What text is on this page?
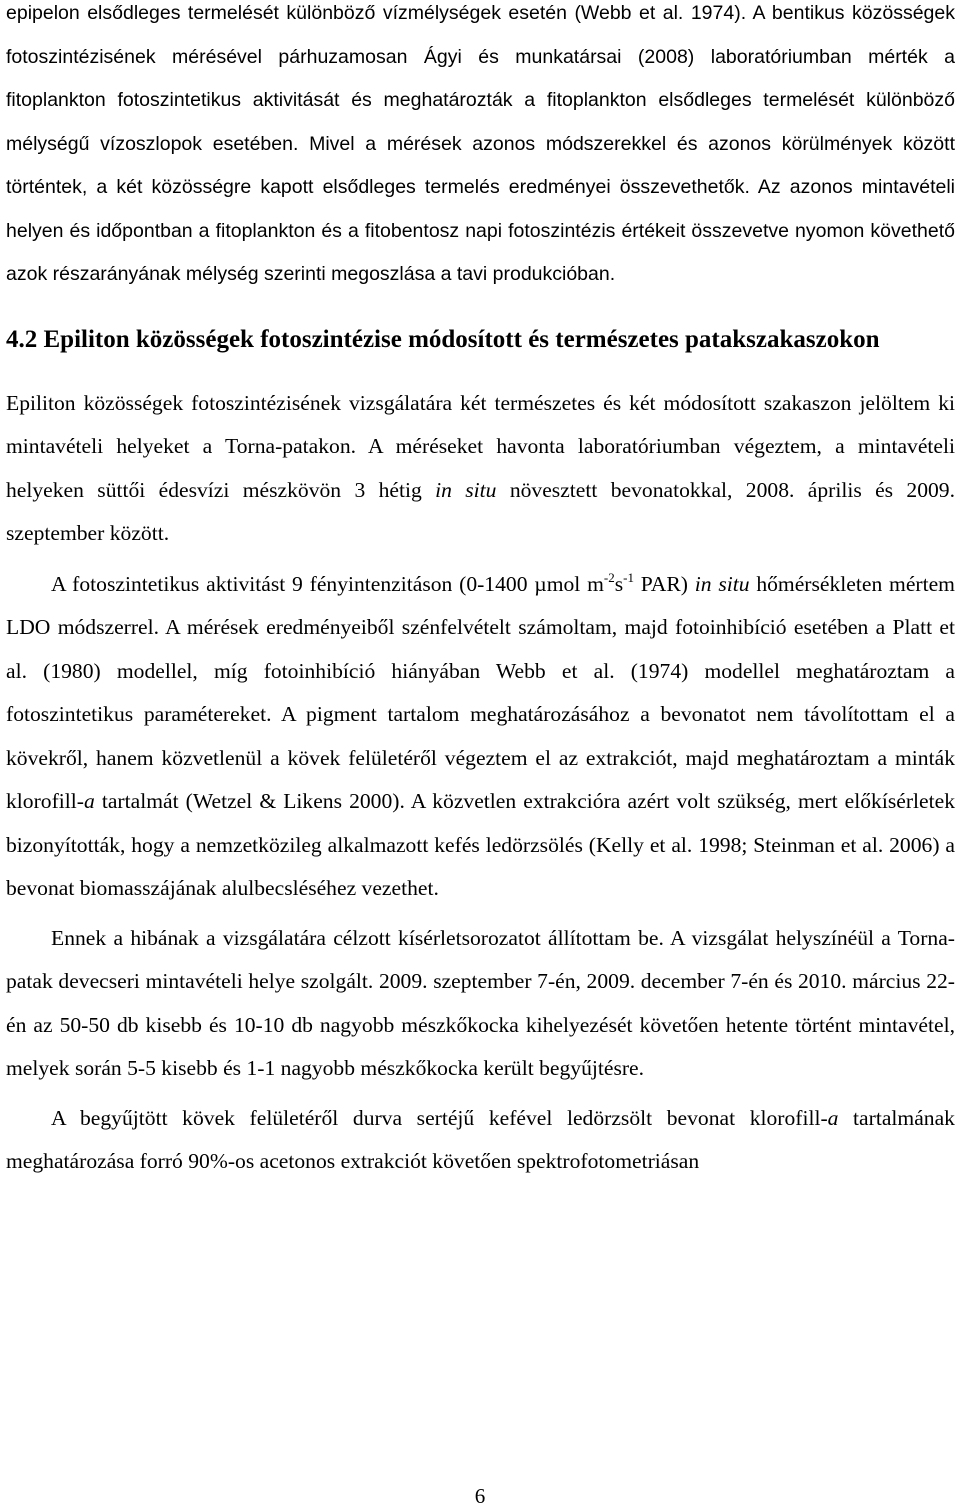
epipelon elsődleges termelését különböző vízmélységek esetén (Webb et al. 1974). A bentikus közösségek fotoszintézisének mérésével párhuzamosan Ágyi és munkatársai (2008) laboratóriumban mérték a fitoplankton fotoszintetikus aktivitását és meghatározták a fitoplankton elsődleges termelését különböző mélységű vízoszlopok esetében. Mivel a mérések azonos módszerekkel és azonos körülmények között történtek, a két közösségre kapott elsődleges termelés eredményei összevethetők. Az azonos mintavételi helyen és időpontban a fitoplankton és a fitobentosz napi fotoszintézis értékeit összevetve nyomon követhető azok részarányának mélység szerinti megoszlása a tavi produkcióban.

4.2 Epiliton közösségek fotoszintézise módosított és természetes patakszakaszokon

Epiliton közösségek fotoszintézisének vizsgálatára két természetes és két módosított szakaszon jelöltem ki mintavételi helyeket a Torna-patakon. A méréseket havonta laboratóriumban végeztem, a mintavételi helyeken süttői édesvízi mészkövön 3 hétig in situ növesztett bevonatokkal, 2008. április és 2009. szeptember között.

A fotoszintetikus aktivitást 9 fényintenzitáson (0-1400 µmol $m^{-2}s^{-1}$ PAR) in situ hőmérsékleten mértem LDO módszerrel. A mérések eredményeiből szénfelvételt számoltam, majd fotoinhibíció esetében a Platt et al. (1980) modellel, míg fotoinhibíció hiányában Webb et al. (1974) modellel meghatároztam a fotoszintetikus paramétereket. A pigment tartalom meghatározásához a bevonatot nem távolítottam el a kövekről, hanem közvetlenül a kövek felületéről végeztem el az extrakciót, majd meghatároztam a minták klorofill-a tartalmát (Wetzel & Likens 2000). A közvetlen extrakcióra azért volt szükség, mert előkísérletek bizonyították, hogy a nemzetközileg alkalmazott kefés ledörzsölés (Kelly et al. 1998; Steinman et al. 2006) a bevonat biomasszájának alulbecsléséhez vezethet.

Ennek a hibának a vizsgálatára célzott kísérletsorozatot állítottam be. A vizsgálat helyszínéül a Torna-patak devecseri mintavételi helye szolgált. 2009. szeptember 7-én, 2009. december 7-én és 2010. március 22-én az 50-50 db kisebb és 10-10 db nagyobb mészkőkocka kihelyezését követően hetente történt mintavétel, melyek során 5-5 kisebb és 1-1 nagyobb mészkőkocka került begyűjtésre.

A begyűjtött kövek felületéről durva sertéjű kefével ledörzsölt bevonat klorofill-a tartalmának meghatározása forró 90%-os acetonos extrakciót követően spektrofotometriásan

6
